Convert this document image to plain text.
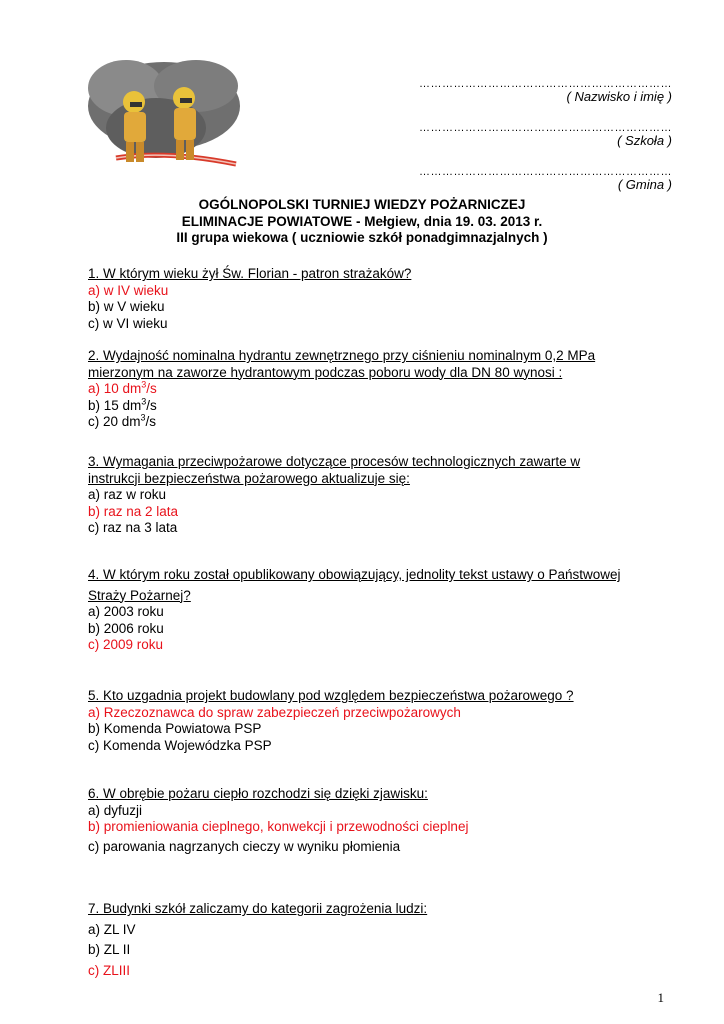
…………………………………………………………
( Nazwisko i imię )
…………………………………………………………
( Szkoła )
…………………………………………………………
( Gmina )
OGÓLNOPOLSKI TURNIEJ WIEDZY POŻARNICZEJ
ELIMINACJE POWIATOWE - Mełgiew, dnia 19. 03. 2013 r.
III grupa wiekowa ( uczniowie szkół ponadgimnazjalnych )
1. W którym wieku żył Św. Florian - patron strażaków?
a) w IV wieku
b) w V wieku
c) w VI wieku
2. Wydajność nominalna hydrantu zewnętrznego przy ciśnieniu nominalnym 0,2 MPa
mierzonym na zaworze hydrantowym podczas poboru wody dla DN 80 wynosi :
a) 10 $dm^3/s$
b) 15 $dm^3/s$
c) 20 $dm^3/s$
3. Wymagania przeciwpożarowe dotyczące procesów technologicznych zawarte w
instrukcji bezpieczeństwa pożarowego aktualizuje się:
a) raz w roku
b) raz na 2 lata
c) raz na 3 lata
4. W którym roku został opublikowany obowiązujący, jednolity tekst ustawy o Państwowej
Straży Pożarnej?
a) 2003 roku
b) 2006 roku
c) 2009 roku
5. Kto uzgadnia projekt budowlany pod względem bezpieczeństwa pożarowego ?
a) Rzeczoznawca do spraw zabezpieczeń przeciwpożarowych
b) Komenda Powiatowa PSP
c) Komenda Wojewódzka PSP
6. W obrębie pożaru ciepło rozchodzi się dzięki zjawisku:
a) dyfuzji
b) promieniowania cieplnego, konwekcji i przewodności cieplnej
c) parowania nagrzanych cieczy w wyniku płomienia
7. Budynki szkół zaliczamy do kategorii zagrożenia ludzi:
a) ZL IV
b) ZL II
c) ZLIII
1
